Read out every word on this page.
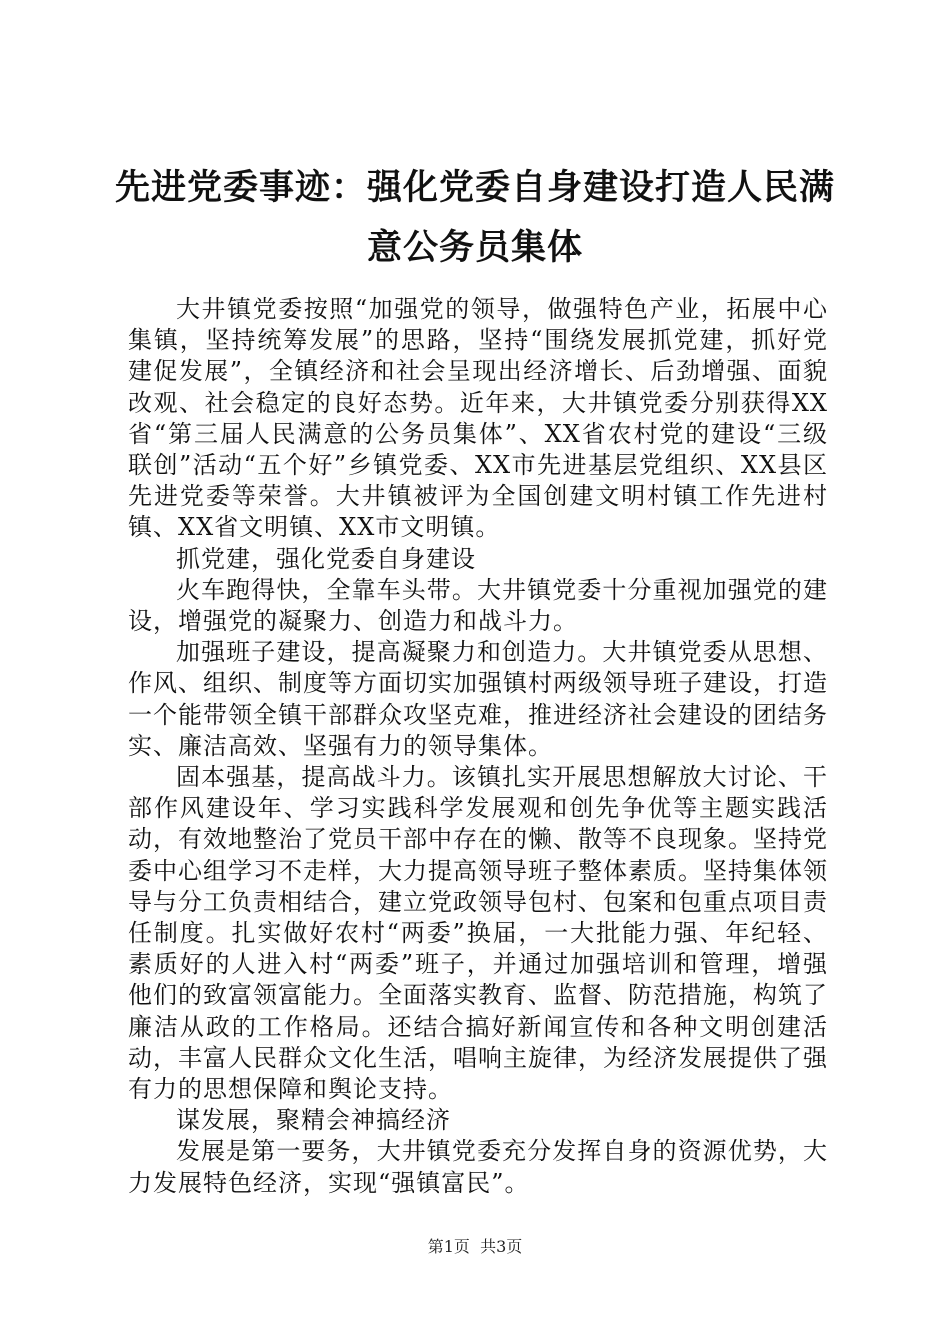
先进党委事迹：强化党委自身建设打造人民满
意公务员集体

大井镇党委按照“加强党的领导，做强特色产业，拓展中心集镇，坚持统筹发展”的思路，坚持“围绕发展抓党建，抓好党建促发展”，全镇经济和社会呈现出经济增长、后劲增强、面貌改观、社会稳定的良好态势。近年来，大井镇党委分别获得XX省“第三届人民满意的公务员集体”、XX省农村党的建设“三级联创”活动“五个好”乡镇党委、XX市先进基层党组织、XX县区先进党委等荣誉。大井镇被评为全国创建文明村镇工作先进村镇、XX省文明镇、XX市文明镇。

抓党建，强化党委自身建设

火车跑得快，全靠车头带。大井镇党委十分重视加强党的建设，增强党的凝聚力、创造力和战斗力。

加强班子建设，提高凝聚力和创造力。大井镇党委从思想、作风、组织、制度等方面切实加强镇村两级领导班子建设，打造一个能带领全镇干部群众攻坚克难，推进经济社会建设的团结务实、廉洁高效、坚强有力的领导集体。

固本强基，提高战斗力。该镇扎实开展思想解放大讨论、干部作风建设年、学习实践科学发展观和创先争优等主题实践活动，有效地整治了党员干部中存在的懒、散等不良现象。坚持党委中心组学习不走样，大力提高领导班子整体素质。坚持集体领导与分工负责相结合，建立党政领导包村、包案和包重点项目责任制度。扎实做好农村“两委”换届，一大批能力强、年纪轻、素质好的人进入村“两委”班子，并通过加强培训和管理，增强他们的致富领富能力。全面落实教育、监督、防范措施，构筑了廉洁从政的工作格局。还结合搞好新闻宣传和各种文明创建活动，丰富人民群众文化生活，唱响主旋律，为经济发展提供了强有力的思想保障和舆论支持。

谋发展，聚精会神搞经济

发展是第一要务，大井镇党委充分发挥自身的资源优势，大力发展特色经济，实现“强镇富民”。

第1页  共3页
